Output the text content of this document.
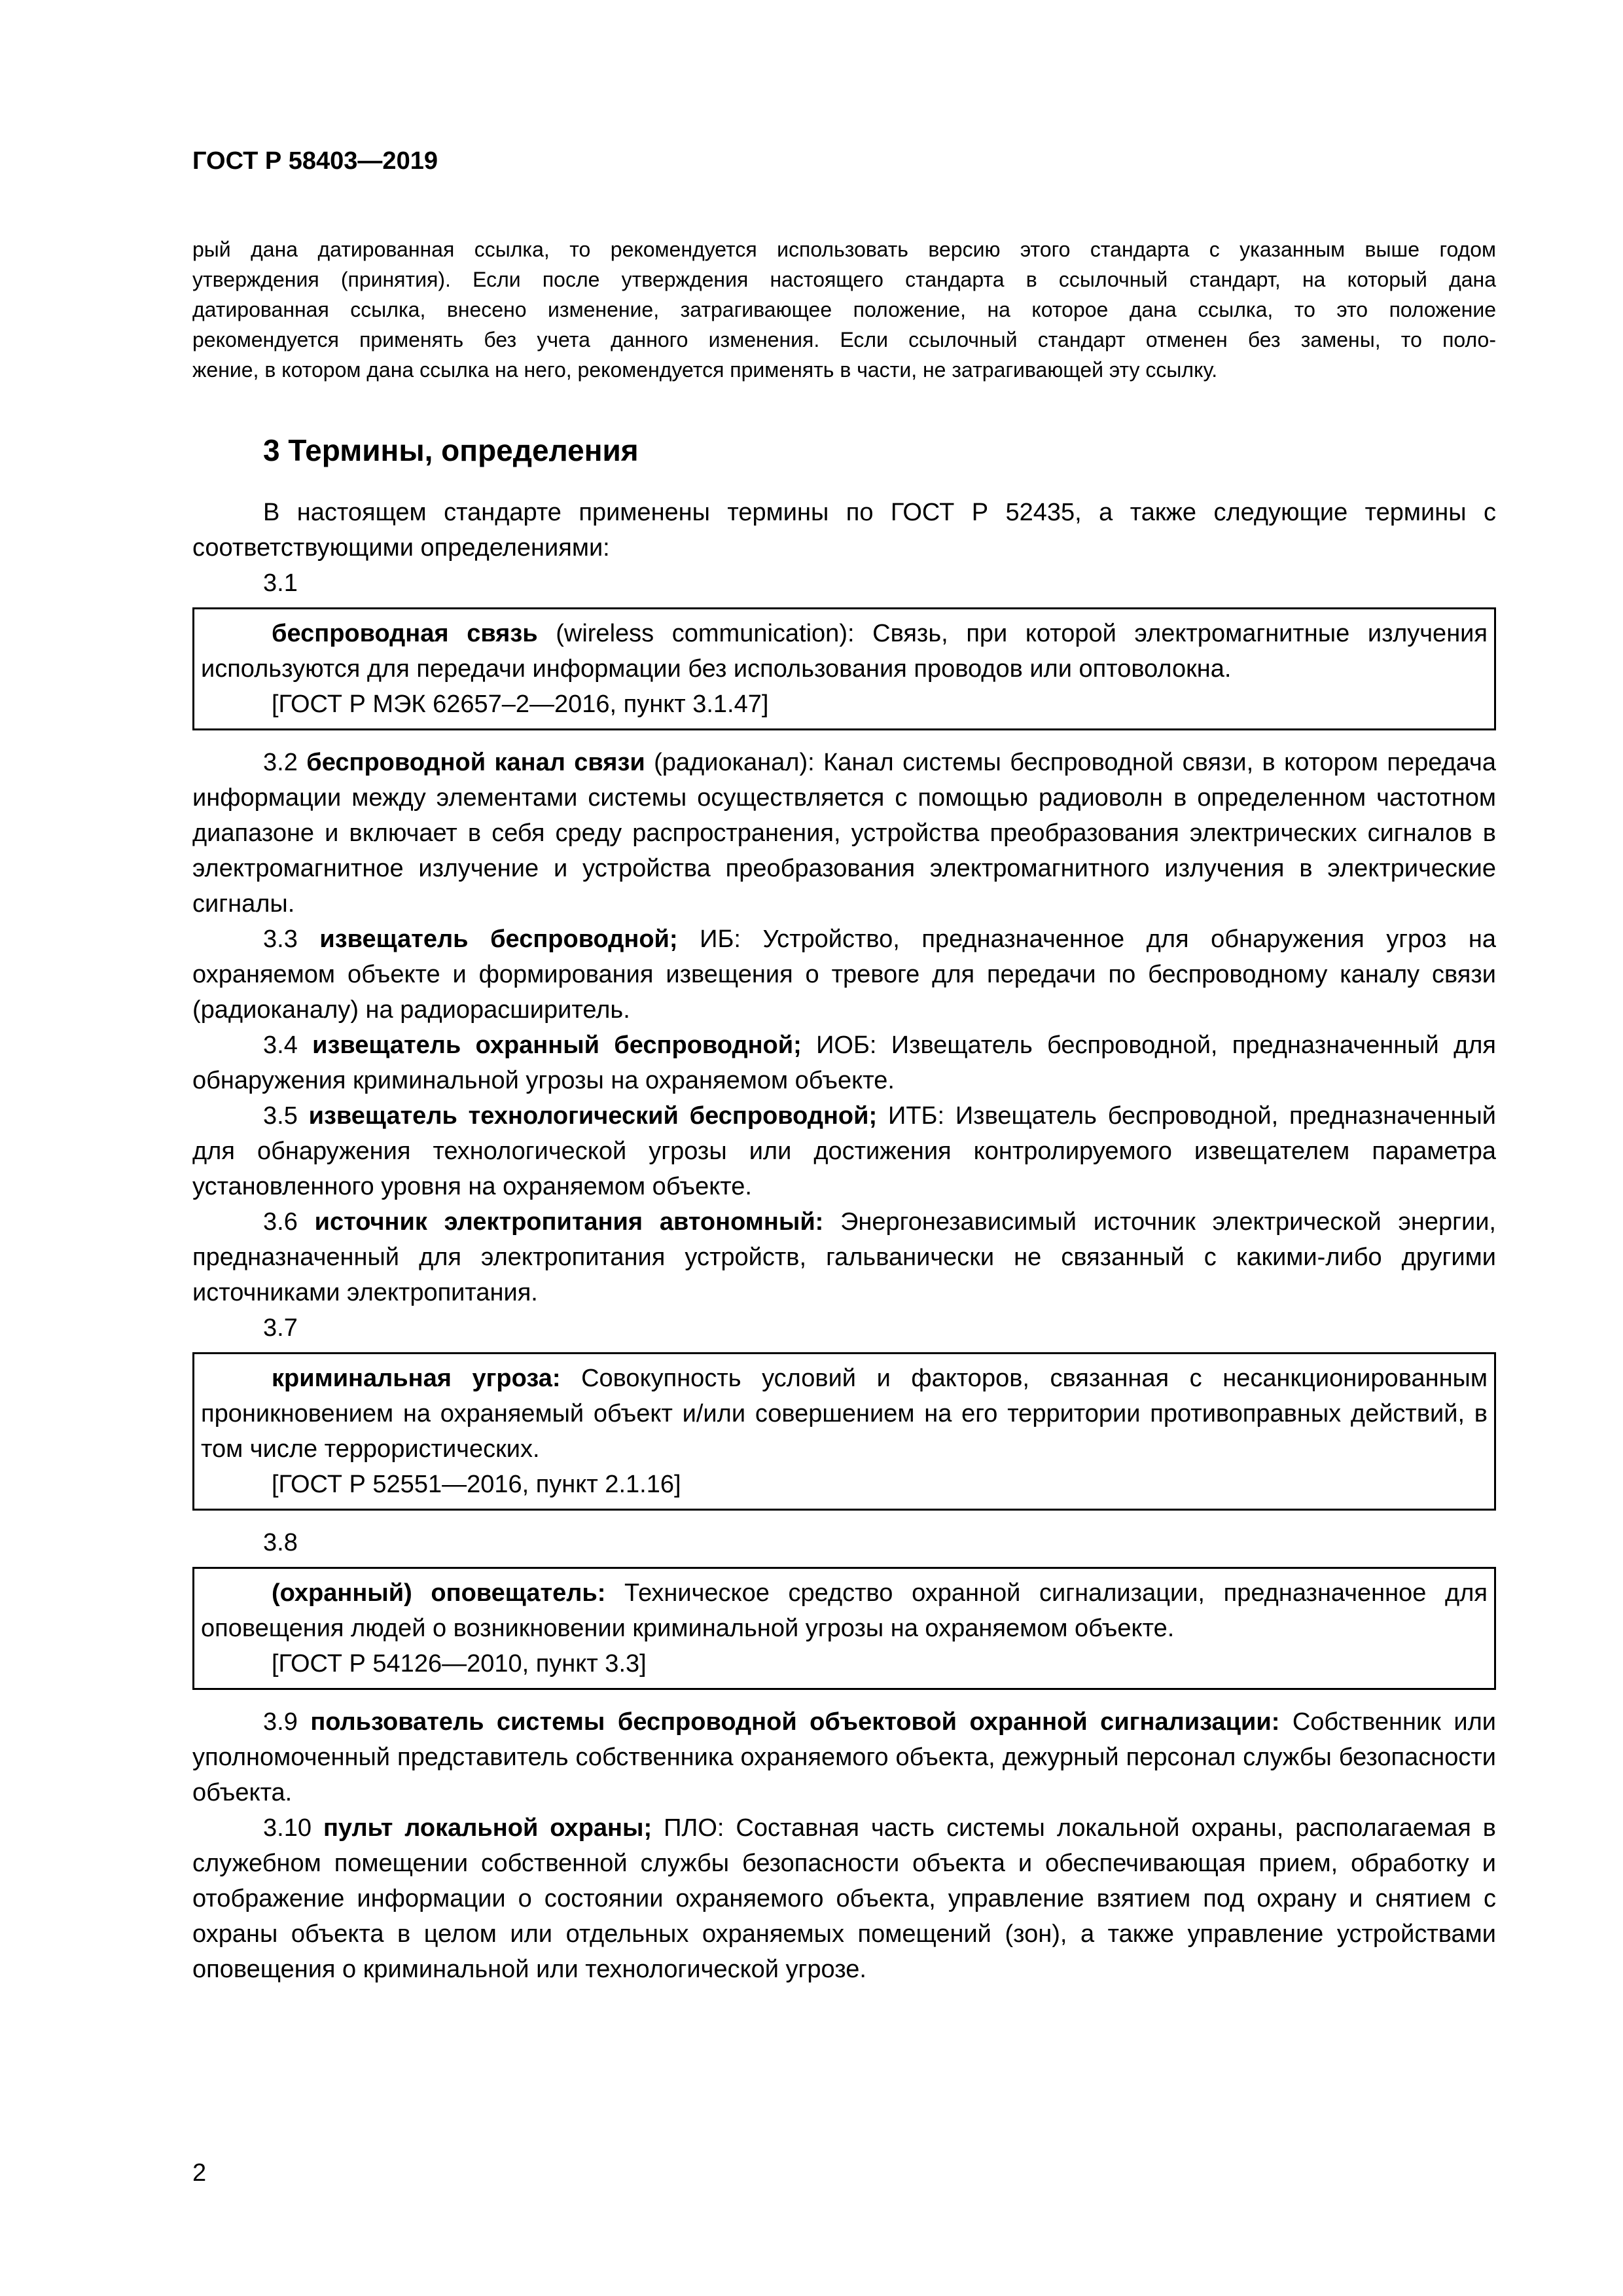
ГОСТ Р 58403—2019

рый дана датированная ссылка, то рекомендуется использовать версию этого стандарта с указанным выше годом
утверждения (принятия). Если после утверждения настоящего стандарта в ссылочный стандарт, на который дана
датированная ссылка, внесено изменение, затрагивающее положение, на которое дана ссылка, то это положение
рекомендуется применять без учета данного изменения. Если ссылочный стандарт отменен без замены, то поло-
жение, в котором дана ссылка на него, рекомендуется применять в части, не затрагивающей эту ссылку.
3 Термины, определения

В настоящем стандарте применены термины по ГОСТ Р 52435, а также следующие термины с соответствующими определениями:

3.1

беспроводная связь (wireless communication): Связь, при которой электромагнитные излучения используются для передачи информации без использования проводов или оптоволокна.

[ГОСТ Р МЭК 62657–2—2016, пункт 3.1.47]

3.2 беспроводной канал связи (радиоканал): Канал системы беспроводной связи, в котором передача информации между элементами системы осуществляется с помощью радиоволн в определенном частотном диапазоне и включает в себя среду распространения, устройства преобразования электрических сигналов в электромагнитное излучение и устройства преобразования электромагнитного излучения в электрические сигналы.

3.3 извещатель беспроводной; ИБ: Устройство, предназначенное для обнаружения угроз на охраняемом объекте и формирования извещения о тревоге для передачи по беспроводному каналу связи (радиоканалу) на радиорасширитель.

3.4 извещатель охранный беспроводной; ИОБ: Извещатель беспроводной, предназначенный для обнаружения криминальной угрозы на охраняемом объекте.

3.5 извещатель технологический беспроводной; ИТБ: Извещатель беспроводной, предназначенный для обнаружения технологической угрозы или достижения контролируемого извещателем параметра установленного уровня на охраняемом объекте.

3.6 источник электропитания автономный: Энергонезависимый источник электрической энергии, предназначенный для электропитания устройств, гальванически не связанный с какими-либо другими источниками электропитания.

3.7

криминальная угроза: Совокупность условий и факторов, связанная с несанкционированным проникновением на охраняемый объект и/или совершением на его территории противоправных действий, в том числе террористических.

[ГОСТ Р 52551—2016, пункт 2.1.16]

3.8

(охранный) оповещатель: Техническое средство охранной сигнализации, предназначенное для оповещения людей о возникновении криминальной угрозы на охраняемом объекте.

[ГОСТ Р 54126—2010, пункт 3.3]

3.9 пользователь системы беспроводной объектовой охранной сигнализации: Собственник или уполномоченный представитель собственника охраняемого объекта, дежурный персонал службы безопасности объекта.

3.10 пульт локальной охраны; ПЛО: Составная часть системы локальной охраны, располагаемая в служебном помещении собственной службы безопасности объекта и обеспечивающая прием, обработку и отображение информации о состоянии охраняемого объекта, управление взятием под охрану и снятием с охраны объекта в целом или отдельных охраняемых помещений (зон), а также управление устройствами оповещения о криминальной или технологической угрозе.

2
